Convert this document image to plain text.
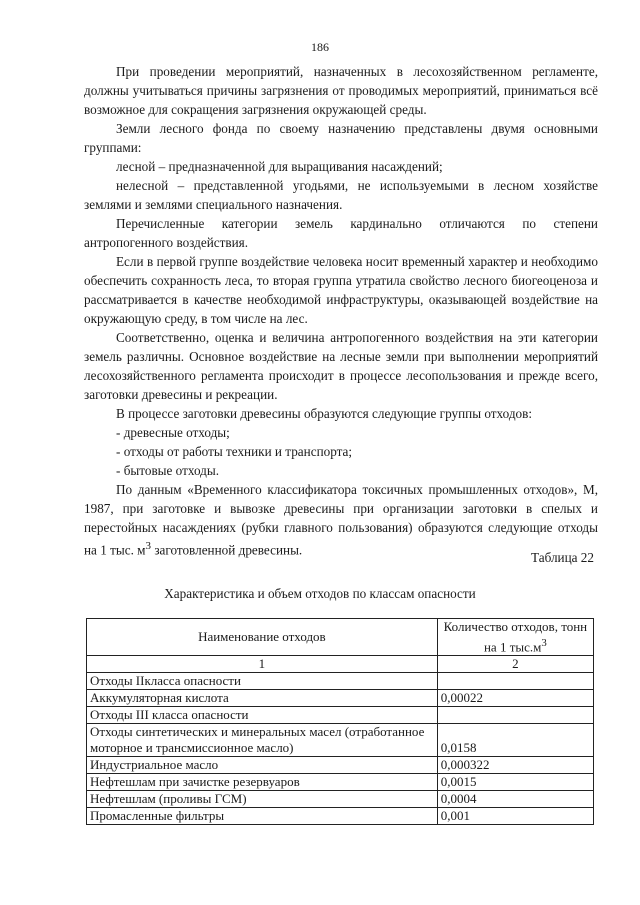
186

При проведении мероприятий, назначенных в лесохозяйственном регламенте, должны учитываться причины загрязнения от проводимых мероприятий, приниматься всё возможное для сокращения загрязнения окружающей среды.

Земли лесного фонда по своему назначению представлены двумя основными группами:

лесной – предназначенной для выращивания насаждений;

нелесной – представленной угодьями, не используемыми в лесном хозяйстве землями и землями специального назначения.

Перечисленные категории земель кардинально отличаются по степени антропогенного воздействия.

Если в первой группе воздействие человека носит временный характер и необходимо обеспечить сохранность леса, то вторая группа утратила свойство лесного биогеоценоза и рассматривается в качестве необходимой инфраструктуры, оказывающей воздействие на окружающую среду, в том числе на лес.

Соответственно, оценка и величина антропогенного воздействия на эти категории земель различны. Основное воздействие на лесные земли при выполнении мероприятий лесохозяйственного регламента происходит в процессе лесопользования и прежде всего, заготовки древесины и рекреации.

В процессе заготовки древесины образуются следующие группы отходов:

- древесные отходы;

- отходы от работы техники и транспорта;

- бытовые отходы.

По данным «Временного классификатора токсичных промышленных отходов», М, 1987, при заготовке и вывозке древесины при организации заготовки в спелых и перестойных насаждениях (рубки главного пользования) образуются следующие отходы на 1 тыс. $м^3$ заготовленной древесины.

Таблица 22
Характеристика и объем отходов по классам опасности
Наименование отходов	Количество отходов, тонн на 1 $тыс.м^3$
1	2
Отходы IIкласса опасности	
Аккумуляторная кислота	0,00022
Отходы III класса опасности	
Отходы синтетических и минеральных масел (отработанное моторное и трансмиссионное масло)	0,0158
Индустриальное масло	0,000322
Нефтешлам при зачистке резервуаров	0,0015
Нефтешлам (проливы ГСМ)	0,0004
Промасленные фильтры	0,001
